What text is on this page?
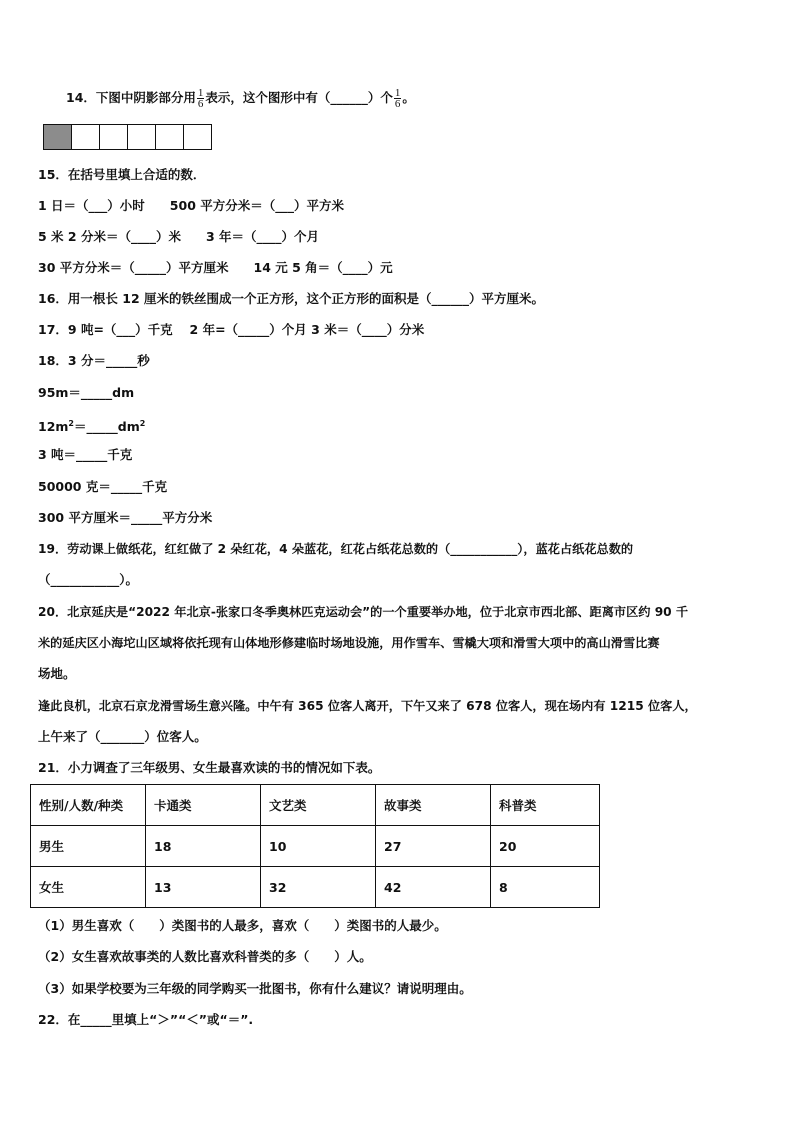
14．下图中阴影部分用 $\frac{1}{6}$ 表示，这个图形中有（______）个 $\frac{1}{6}$ 。
15．在括号里填上合适的数．
1 日＝（___）小时　　500 平方分米＝（___）平方米
5 米 2 分米＝（____）米　　3 年＝（____）个月
30 平方分米＝（_____）平方厘米　　14 元 5 角＝（____）元
16．用一根长 12 厘米的铁丝围成一个正方形，这个正方形的面积是（______）平方厘米。
17．9 吨=（___）千克　 2 年=（_____）个月 3 米＝（____）分米
18．3 分＝_____秒
95m＝_____dm
$12m^2=\_\_\_\_\_dm^2$
3 吨＝_____千克
50000 克＝_____千克
300 平方厘米＝_____平方分米
19．劳动课上做纸花，红红做了 2 朵红花，4 朵蓝花，红花占纸花总数的（___________），蓝花占纸花总数的
（___________）。
20．北京延庆是“2022 年北京-张家口冬季奥林匹克运动会”的一个重要举办地，位于北京市西北部、距离市区约 90 千
米的延庆区小海坨山区域将依托现有山体地形修建临时场地设施，用作雪车、雪橇大项和滑雪大项中的高山滑雪比赛
场地。
逢此良机，北京石京龙滑雪场生意兴隆。中午有 365 位客人离开，下午又来了 678 位客人，现在场内有 1215 位客人，
上午来了（_______）位客人。
21．小力调查了三年级男、女生最喜欢读的书的情况如下表。
性别/人数/种类	卡通类	文艺类	故事类	科普类
男生	18	10	27	20
女生	13	32	42	8
（1）男生喜欢（　　）类图书的人最多，喜欢（　　）类图书的人最少。
（2）女生喜欢故事类的人数比喜欢科普类的多（　　）人。
（3）如果学校要为三年级的同学购买一批图书，你有什么建议？请说明理由。
22．在_____里填上“＞”“＜”或“＝”.
